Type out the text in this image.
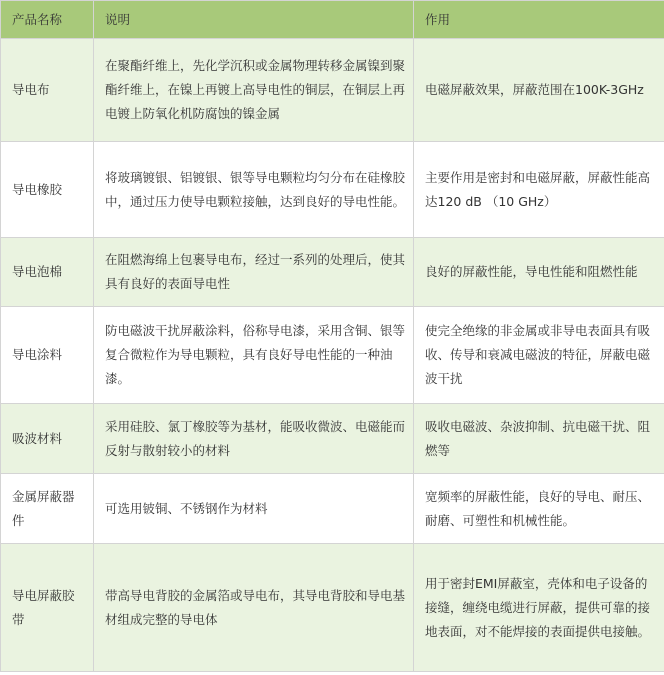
产品名称	说明	作用
导电布	在聚酯纤维上，先化学沉积或金属物理转移金属镍到聚酯纤维上，在镍上再镀上高导电性的铜层，在铜层上再电镀上防氧化机防腐蚀的镍金属	电磁屏蔽效果，屏蔽范围在100K-3GHz
导电橡胶	将玻璃镀银、铝镀银、银等导电颗粒均匀分布在硅橡胶中，通过压力使导电颗粒接触，达到良好的导电性能。	主要作用是密封和电磁屏蔽，屏蔽性能高达120 dB （10 GHz）
导电泡棉	在阻燃海绵上包裹导电布，经过一系列的处理后，使其具有良好的表面导电性	良好的屏蔽性能，导电性能和阻燃性能
导电涂料	防电磁波干扰屏蔽涂料，俗称导电漆，采用含铜、银等复合微粒作为导电颗粒，具有良好导电性能的一种油漆。	使完全绝缘的非金属或非导电表面具有吸收、传导和衰减电磁波的特征，屏蔽电磁波干扰
吸波材料	采用硅胶、氯丁橡胶等为基材，能吸收微波、电磁能而反射与散射较小的材料	吸收电磁波、杂波抑制、抗电磁干扰、阻燃等
金属屏蔽器件	可选用铍铜、不锈钢作为材料	宽频率的屏蔽性能，良好的导电、耐压、耐磨、可塑性和机械性能。
导电屏蔽胶带	带高导电背胶的金属箔或导电布，其导电背胶和导电基材组成完整的导电体	用于密封EMI屏蔽室，壳体和电子设备的接缝，缠绕电缆进行屏蔽，提供可靠的接地表面，对不能焊接的表面提供电接触。
